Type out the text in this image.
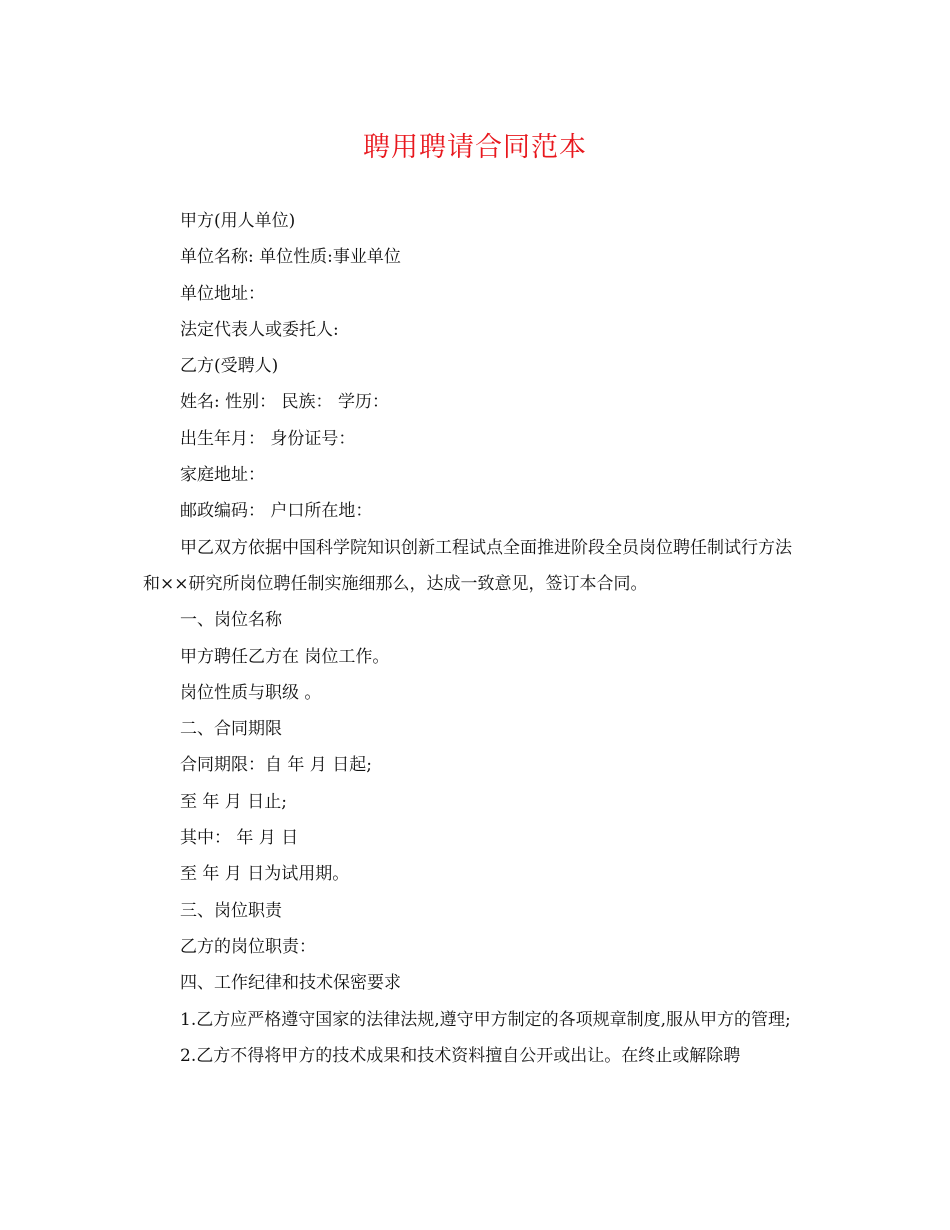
聘用聘请合同范本

甲方(用人单位)

单位名称: 单位性质:事业单位

单位地址：

法定代表人或委托人:

乙方(受聘人)

姓名: 性别： 民族： 学历：

出生年月： 身份证号：

家庭地址：

邮政编码： 户口所在地：

甲乙双方依据中国科学院知识创新工程试点全面推进阶段全员岗位聘任制试行方法和××研究所岗位聘任制实施细那么，达成一致意见，签订本合同。

一、岗位名称

甲方聘任乙方在 岗位工作。

岗位性质与职级 。

二、合同期限

合同期限：自 年 月 日起;

至 年 月 日止;

其中： 年 月 日

至 年 月 日为试用期。

三、岗位职责

乙方的岗位职责：

四、工作纪律和技术保密要求

1.乙方应严格遵守国家的法律法规,遵守甲方制定的各项规章制度,服从甲方的管理;

2.乙方不得将甲方的技术成果和技术资料擅自公开或出让。在终止或解除聘
